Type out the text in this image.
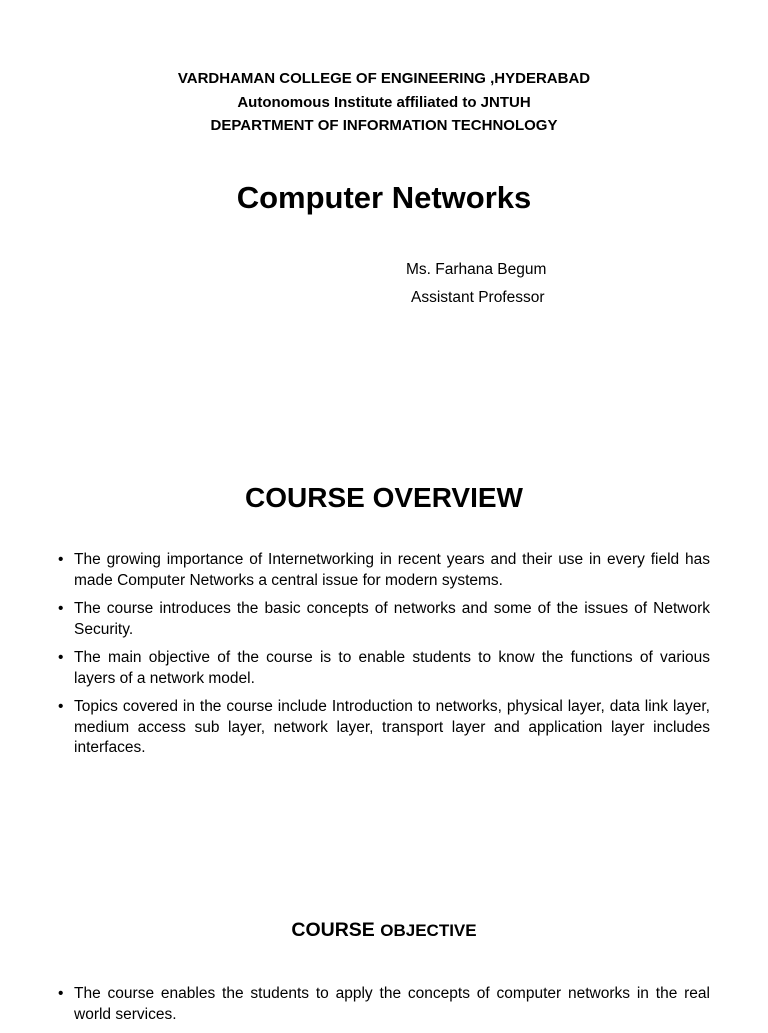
VARDHAMAN COLLEGE OF ENGINEERING ,HYDERABAD
Autonomous Institute affiliated to JNTUH
DEPARTMENT OF INFORMATION TECHNOLOGY
Computer Networks
Ms. Farhana Begum
Assistant Professor
COURSE OVERVIEW
• The growing importance of Internetworking in recent years and their use in every field has made Computer Networks a central issue for modern systems.
• The course introduces the basic concepts of networks and some of the issues of Network Security.
• The main objective of the course is to enable students to know the functions of various layers of a network model.
• Topics covered in the course include Introduction to networks, physical layer, data link layer, medium access sub layer, network layer, transport layer and application layer includes interfaces.
COURSE OBJECTIVE
• The course enables the students to apply the concepts of computer networks in the real world services.
